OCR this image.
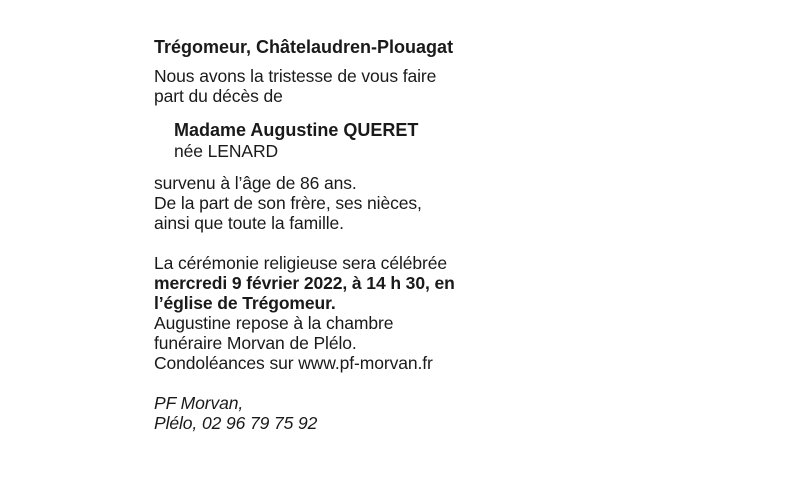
Trégomeur, Châtelaudren-Plouagat
Nous avons la tristesse de vous faire
part du décès de
Madame Augustine QUERET
née LENARD
survenu à l’âge de 86 ans.
De la part de son frère, ses nièces,
ainsi que toute la famille.
La cérémonie religieuse sera célébrée
mercredi 9 février 2022, à 14 h 30, en
l’église de Trégomeur.
Augustine repose à la chambre
funéraire Morvan de Plélo.
Condoléances sur www.pf-morvan.fr
PF Morvan,
Plélo, 02 96 79 75 92
